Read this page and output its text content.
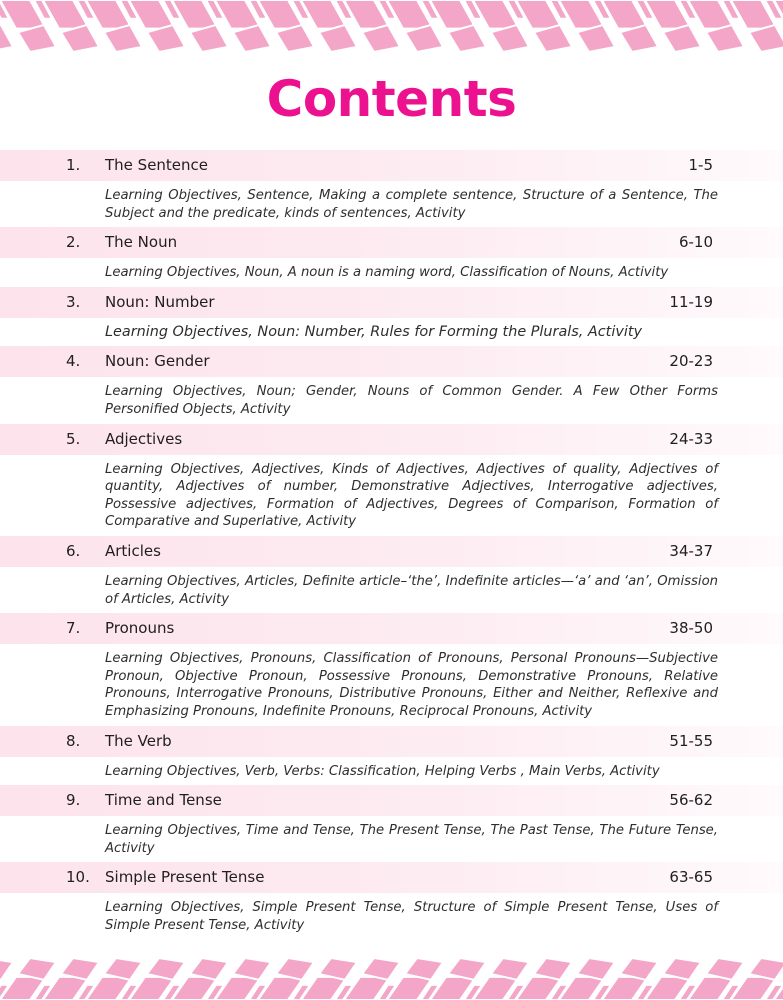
Contents
1. The Sentence	1-5

Learning Objectives, Sentence, Making a complete sentence, Structure of a Sentence, The Subject and the predicate, kinds of sentences, Activity

2. The Noun	6-10

Learning Objectives, Noun, A noun is a naming word, Classification of Nouns, Activity

3. Noun: Number	11-19

Learning Objectives, Noun: Number, Rules for Forming the Plurals, Activity

4. Noun: Gender	20-23

Learning Objectives, Noun; Gender, Nouns of Common Gender. A Few Other Forms Personified Objects, Activity

5. Adjectives	24-33

Learning Objectives, Adjectives, Kinds of Adjectives, Adjectives of quality, Adjectives of quantity, Adjectives of number, Demonstrative Adjectives, Interrogative adjectives, Possessive adjectives, Formation of Adjectives, Degrees of Comparison, Formation of Comparative and Superlative, Activity

6. Articles	34-37

Learning Objectives, Articles, Definite article–‘the’, Indefinite articles—‘a’ and ‘an’, Omission of Articles, Activity

7. Pronouns	38-50

Learning Objectives, Pronouns, Classification of Pronouns, Personal Pronouns—Subjective Pronoun, Objective Pronoun, Possessive Pronouns, Demonstrative Pronouns, Relative Pronouns, Interrogative Pronouns, Distributive Pronouns, Either and Neither, Reflexive and Emphasizing Pronouns, Indefinite Pronouns, Reciprocal Pronouns, Activity

8. The Verb	51-55

Learning Objectives, Verb, Verbs: Classification, Helping Verbs , Main Verbs, Activity

9. Time and Tense	56-62

Learning Objectives, Time and Tense, The Present Tense, The Past Tense, The Future Tense, Activity

10. Simple Present Tense	63-65

Learning Objectives, Simple Present Tense, Structure of Simple Present Tense, Uses of Simple Present Tense, Activity
